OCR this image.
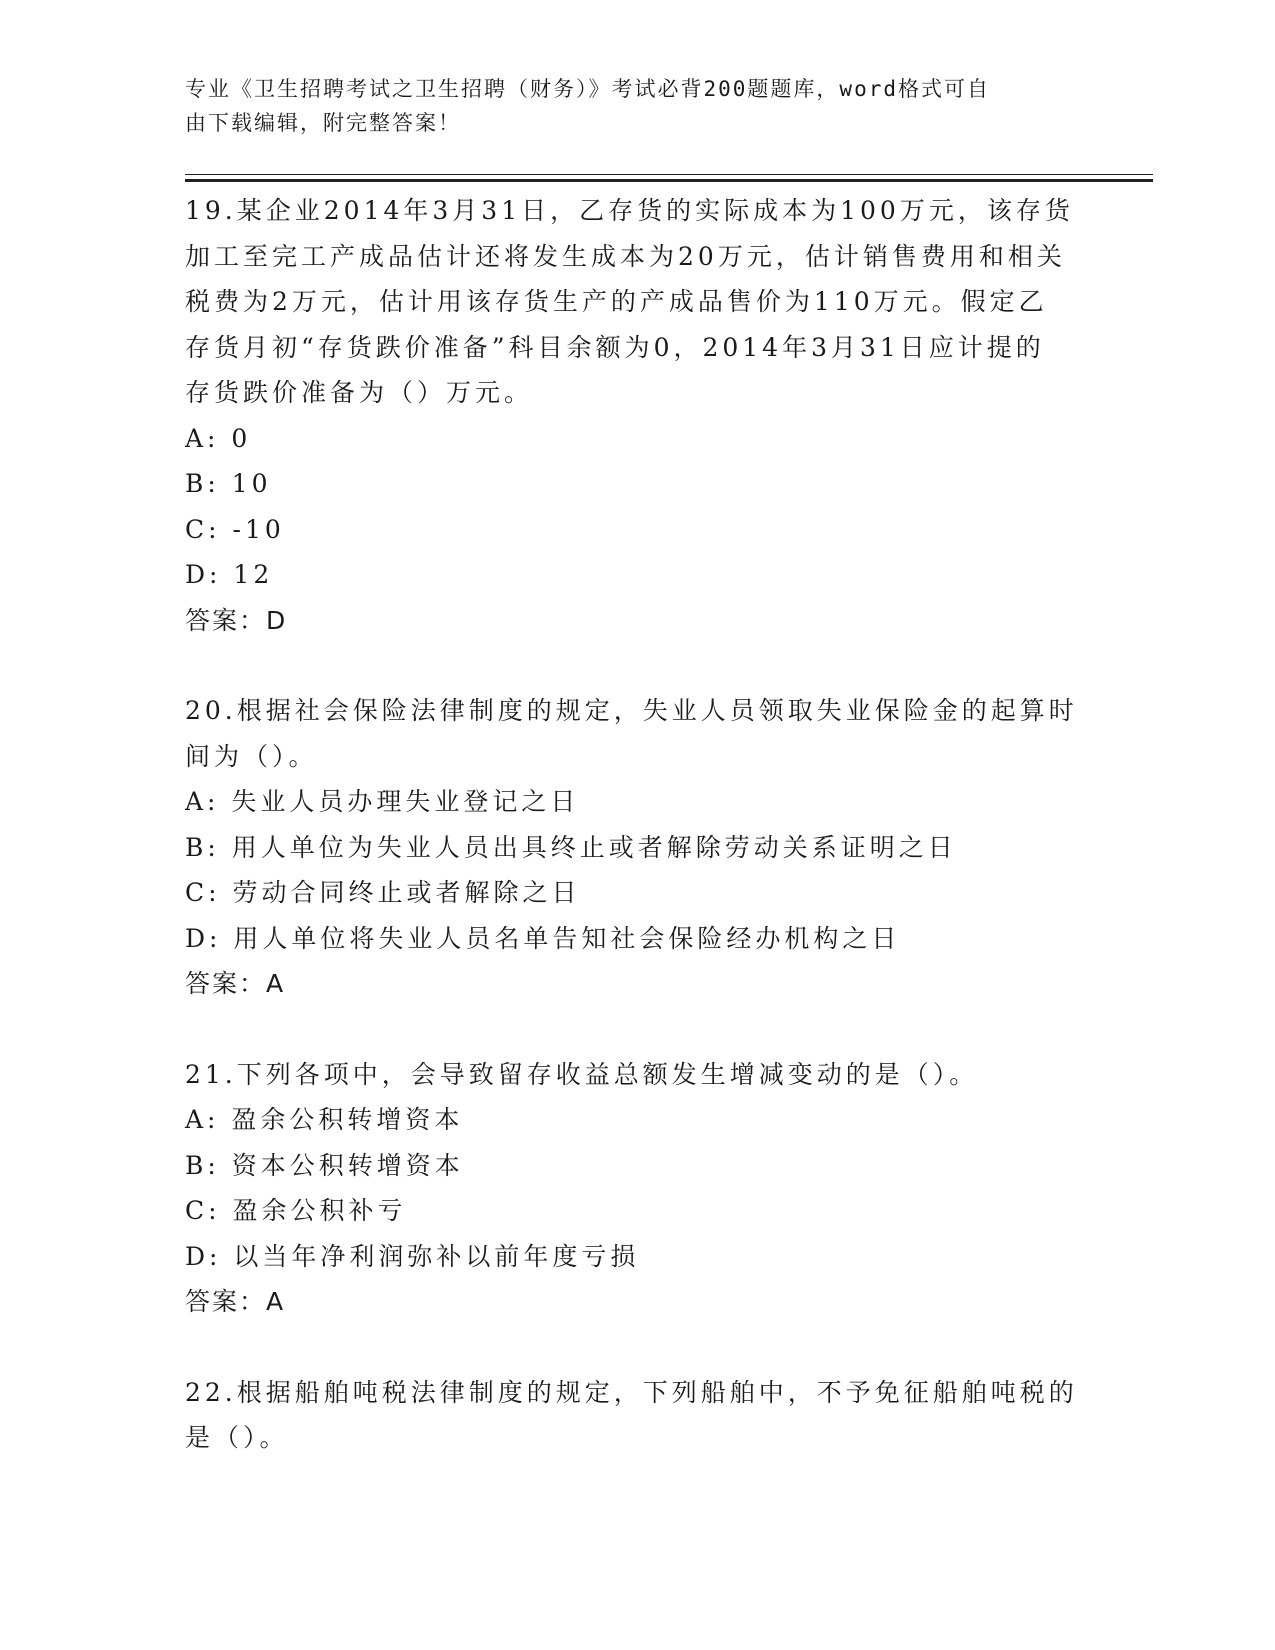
专业《卫生招聘考试之卫生招聘（财务）》考试必背200题题库，word格式可自
由下载编辑，附完整答案！
19.某企业2014年3月31日，乙存货的实际成本为100万元，该存货
加工至完工产成品估计还将发生成本为20万元，估计销售费用和相关
税费为2万元，估计用该存货生产的产成品售价为110万元。假定乙
存货月初“存货跌价准备”科目余额为0，2014年3月31日应计提的
存货跌价准备为（）万元。
A: 0
B: 10
C: -10
D: 12
答案：D
20.根据社会保险法律制度的规定，失业人员领取失业保险金的起算时
间为（）。
A: 失业人员办理失业登记之日
B: 用人单位为失业人员出具终止或者解除劳动关系证明之日
C: 劳动合同终止或者解除之日
D: 用人单位将失业人员名单告知社会保险经办机构之日
答案：A
21.下列各项中，会导致留存收益总额发生增减变动的是（）。
A: 盈余公积转增资本
B: 资本公积转增资本
C: 盈余公积补亏
D: 以当年净利润弥补以前年度亏损
答案：A
22.根据船舶吨税法律制度的规定，下列船舶中，不予免征船舶吨税的
是（）。
